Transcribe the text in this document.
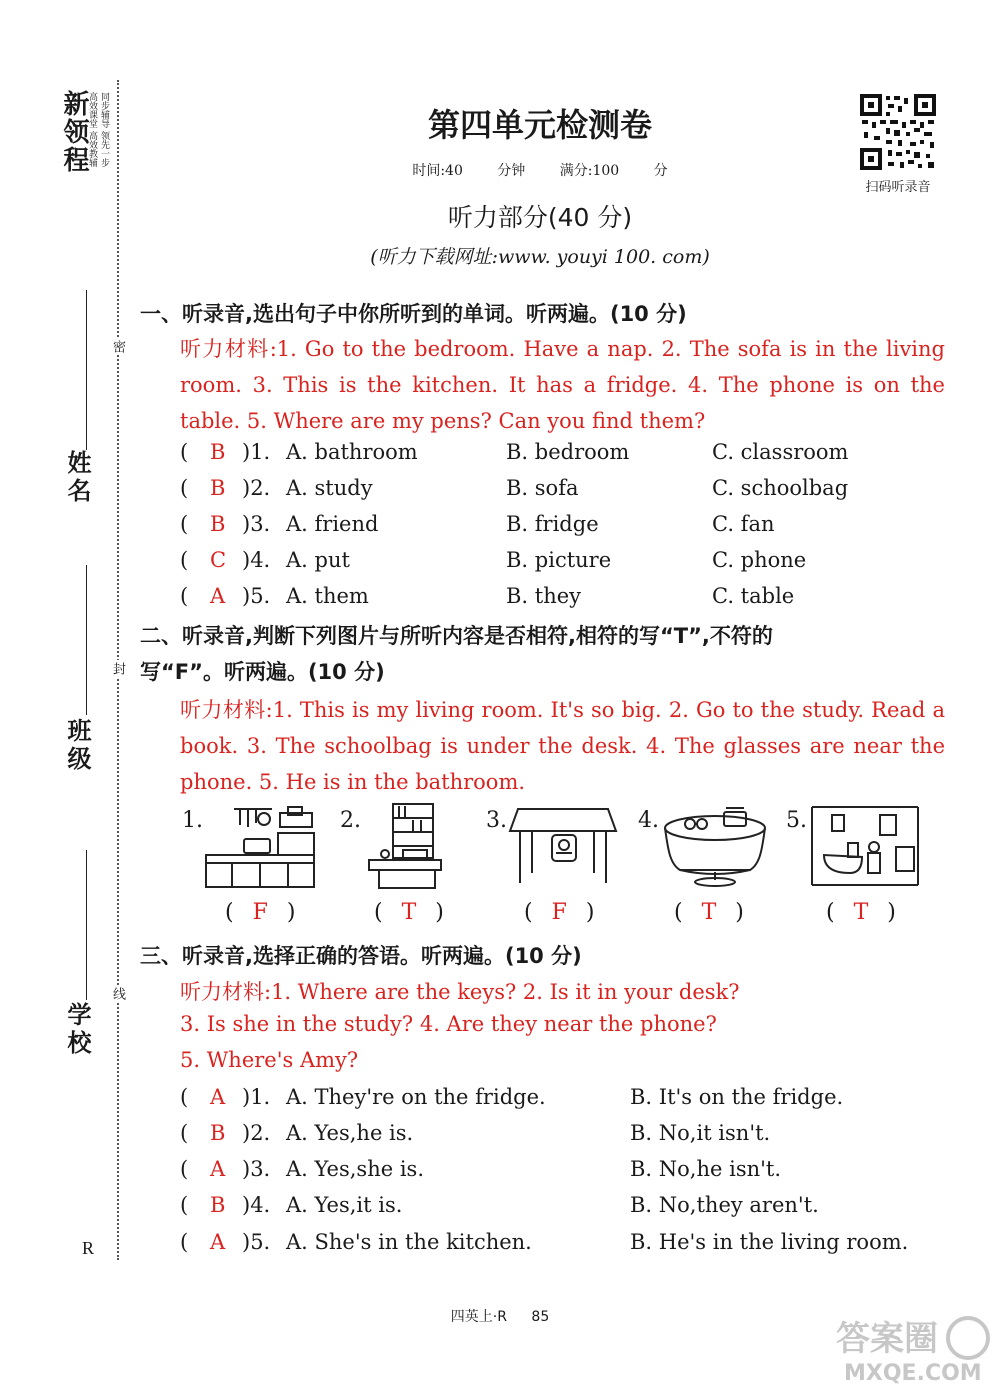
新领程
高效课堂 高效教辅 同步辅导 领先一步
姓名
班级
学校
密
封
线
R
第四单元检测卷
时间:40 分钟 满分:100 分
听力部分(40 分)
(听力下载网址:www. youyi 100. com)
扫码听录音
一、听录音,选出句子中你所听到的单词。听两遍。(10 分)
听力材料:1. Go to the bedroom. Have a nap. 2. The sofa is in the living room. 3. This is the kitchen. It has a fridge. 4. The phone is on the table. 5. Where are my pens? Can you find them?
( B )1. A. bathroom	B. bedroom	C. classroom
( B )2. A. study	B. sofa	C. schoolbag
( B )3. A. friend	B. fridge	C. fan
( C )4. A. put	B. picture	C. phone
( A )5. A. them	B. they	C. table
二、听录音,判断下列图片与所听内容是否相符,相符的写“T”,不符的
写“F”。听两遍。(10 分)
听力材料:1. This is my living room. It's so big. 2. Go to the study. Read a book. 3. The schoolbag is under the desk. 4. The glasses are near the phone. 5. He is in the bathroom.
1.	2.	3.	4.	5.
( F )	( T )	( F )	( T )	( T )
三、听录音,选择正确的答语。听两遍。(10 分)
听力材料:1. Where are the keys? 2. Is it in your desk?
3. Is she in the study? 4. Are they near the phone?
5. Where's Amy?
( A )1. A. They're on the fridge.	B. It's on the fridge.
( B )2. A. Yes,he is.	B. No,it isn't.
( A )3. A. Yes,she is.	B. No,he isn't.
( B )4. A. Yes,it is.	B. No,they aren't.
( A )5. A. She's in the kitchen.	B. He's in the living room.
四英上·R 85
答案圈
MXQE.COM
